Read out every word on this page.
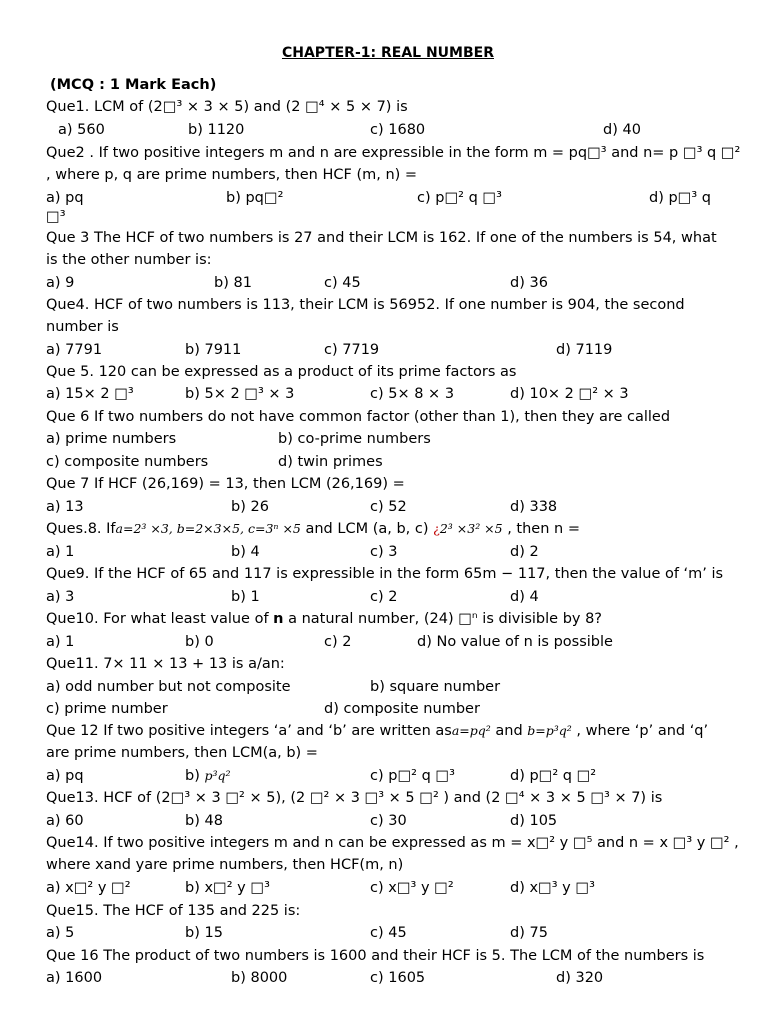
CHAPTER-1: REAL NUMBER
(MCQ : 1 Mark Each)
Que1. LCM of (2□³ × 3 × 5) and (2 □⁴ × 5 × 7) is
a) 560	b) 1120	c) 1680	d) 40
Que2 . If two positive integers m and n are expressible in the form m = pq□³ and n= p □³ q □²
, where p, q are prime numbers, then HCF (m, n) =
a) pq	b) pq□²	c) p□² q □³	d) p□³ q
□³
Que 3 The HCF of two numbers is 27 and their LCM is 162. If one of the numbers is 54, what
is the other number is:
a) 9	b) 81	c) 45	d) 36
Que4. HCF of two numbers is 113, their LCM is 56952. If one number is 904, the second
number is
a) 7791	b) 7911	c) 7719	d) 7119
Que 5. 120 can be expressed as a product of its prime factors as
a) 15× 2 □³	b) 5× 2 □³ × 3	c) 5× 8 × 3	d) 10× 2 □² × 3
Que 6 If two numbers do not have common factor (other than 1), then they are called
a) prime numbers	b) co-prime numbers
c) composite numbers	d) twin primes
Que 7 If HCF (26,169) = 13, then LCM (26,169) =
a) 13	b) 26	c) 52	d) 338
Ques.8. Ifa=2³ ×3, b=2×3×5, c=3ⁿ ×5 and LCM (a, b, c) ¿2³ ×3² ×5 , then n =
a) 1	b) 4	c) 3	d) 2
Que9. If the HCF of 65 and 117 is expressible in the form 65m − 117, then the value of ‘m’ is
a) 3	b) 1	c) 2	d) 4
Que10. For what least value of n a natural number, (24) □ⁿ is divisible by 8?
a) 1	b) 0	c) 2	d) No value of n is possible
Que11. 7× 11 × 13 + 13 is a/an:
a) odd number but not composite	b) square number
c) prime number	d) composite number
Que 12 If two positive integers ‘a’ and ‘b’ are written asa=pq² and b=p³q² , where ‘p’ and ‘q’
are prime numbers, then LCM(a, b) =
a) pq	b) p³q²	c) p□² q □³	d) p□² q □²
Que13. HCF of (2□³ × 3 □² × 5), (2 □² × 3 □³ × 5 □² ) and (2 □⁴ × 3 × 5 □³ × 7) is
a) 60	b) 48	c) 30	d) 105
Que14. If two positive integers m and n can be expressed as m = x□² y □⁵ and n = x □³ y □² ,
where xand yare prime numbers, then HCF(m, n)
a) x□² y □²	b) x□² y □³	c) x□³ y □²	d) x□³ y □³
Que15. The HCF of 135 and 225 is:
a) 5	b) 15	c) 45	d) 75
Que 16 The product of two numbers is 1600 and their HCF is 5. The LCM of the numbers is
a) 1600	b) 8000	c) 1605	d) 320
